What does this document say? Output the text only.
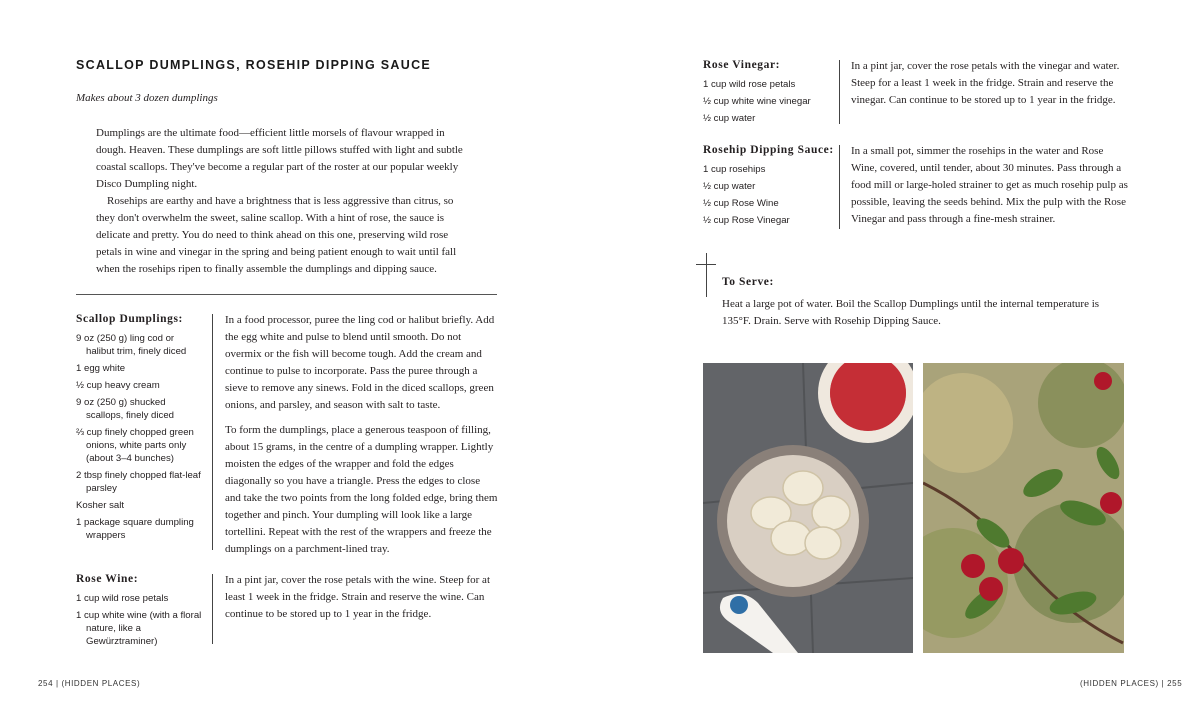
SCALLOP DUMPLINGS, ROSEHIP DIPPING SAUCE
Makes about 3 dozen dumplings

Dumplings are the ultimate food—efficient little morsels of flavour wrapped in dough. Heaven. These dumplings are soft little pillows stuffed with light and subtle coastal scallops. They've become a regular part of the roster at our popular weekly Disco Dumpling night.

Rosehips are earthy and have a brightness that is less aggressive than citrus, so they don't overwhelm the sweet, saline scallop. With a hint of rose, the sauce is delicate and pretty. You do need to think ahead on this one, preserving wild rose petals in wine and vinegar in the spring and being patient enough to wait until fall when the rosehips ripen to finally assemble the dumplings and dipping sauce.

Scallop Dumplings:
9 oz (250 g) ling cod or halibut trim, finely diced
1 egg white
½ cup heavy cream
9 oz (250 g) shucked scallops, finely diced
⅔ cup finely chopped green onions, white parts only (about 3–4 bunches)
2 tbsp finely chopped flat-leaf parsley
Kosher salt
1 package square dumpling wrappers

In a food processor, puree the ling cod or halibut briefly. Add the egg white and pulse to blend until smooth. Do not overmix or the fish will become tough. Add the cream and continue to pulse to incorporate. Pass the puree through a sieve to remove any sinews. Fold in the diced scallops, green onions, and parsley, and season with salt to taste.

To form the dumplings, place a generous teaspoon of filling, about 15 grams, in the centre of a dumpling wrapper. Lightly moisten the edges of the wrapper and fold the edges diagonally so you have a triangle. Press the edges to close and take the two points from the long folded edge, bring them together and pinch. Your dumpling will look like a large tortellini. Repeat with the rest of the wrappers and freeze the dumplings on a parchment-lined tray.

Rose Wine:
1 cup wild rose petals
1 cup white wine (with a floral nature, like a Gewürztraminer)

In a pint jar, cover the rose petals with the wine. Steep for at least 1 week in the fridge. Strain and reserve the wine. Can continue to be stored up to 1 year in the fridge.

254 | (HIDDEN PLACES)
Rose Vinegar:
1 cup wild rose petals
½ cup white wine vinegar
½ cup water

In a pint jar, cover the rose petals with the vinegar and water. Steep for a least 1 week in the fridge. Strain and reserve the vinegar. Can continue to be stored up to 1 year in the fridge.

Rosehip Dipping Sauce:
1 cup rosehips
½ cup water
½ cup Rose Wine
½ cup Rose Vinegar

In a small pot, simmer the rosehips in the water and Rose Wine, covered, until tender, about 30 minutes. Pass through a food mill or large-holed strainer to get as much rosehip pulp as possible, leaving the seeds behind. Mix the pulp with the Rose Vinegar and pass through a fine-mesh strainer.

To Serve:

Heat a large pot of water. Boil the Scallop Dumplings until the internal temperature is 135°F. Drain. Serve with Rosehip Dipping Sauce.

(HIDDEN PLACES) | 255
